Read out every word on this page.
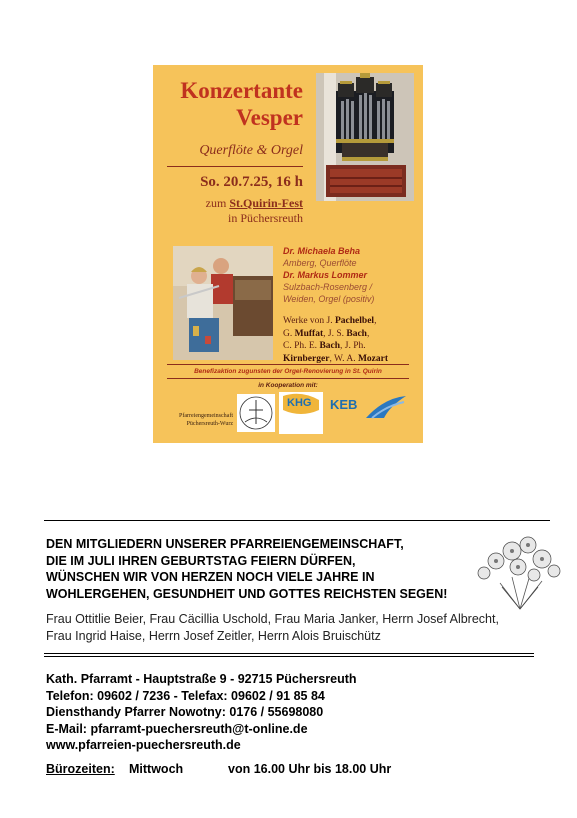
Konzertante
Vesper
Querflöte & Orgel
So. 20.7.25, 16 h
zum St.Quirin-Fest
in Püchersreuth
Dr. Michaela Beha
Amberg, Querflöte
Dr. Markus Lommer
Sulzbach-Rosenberg /
Weiden, Orgel (positiv)
Werke von J. Pachelbel,
G. Muffat, J. S. Bach,
C. Ph. E. Bach, J. Ph.
Kirnberger, W. A. Mozart
Benefizaktion zugunsten der Orgel-Renovierung in St. Quirin
in Kooperation mit:
Pfarreiengemeinschaft
Püchersreuth-Wurz
KHG KEB
DEN MITGLIEDERN UNSERER PFARREIENGEMEINSCHAFT,
DIE IM JULI IHREN GEBURTSTAG FEIERN DÜRFEN,
WÜNSCHEN WIR VON HERZEN NOCH VIELE JAHRE IN
WOHLERGEHEN, GESUNDHEIT UND GOTTES REICHSTEN SEGEN!
Frau Ottitlie Beier, Frau Cäcillia Uschold, Frau Maria Janker, Herrn Josef Albrecht,
Frau Ingrid Haise, Herrn Josef Zeitler, Herrn Alois Bruischütz
Kath. Pfarramt - Hauptstraße 9 - 92715 Püchersreuth
Telefon: 09602 / 7236 - Telefax: 09602 / 91 85 84
Diensthandy Pfarrer Nowotny: 0176 / 55698080
E-Mail: pfarramt-puechersreuth@t-online.de
www.pfarreien-puechersreuth.de
Bürozeiten: Mittwoch	von 16.00 Uhr bis 18.00 Uhr
